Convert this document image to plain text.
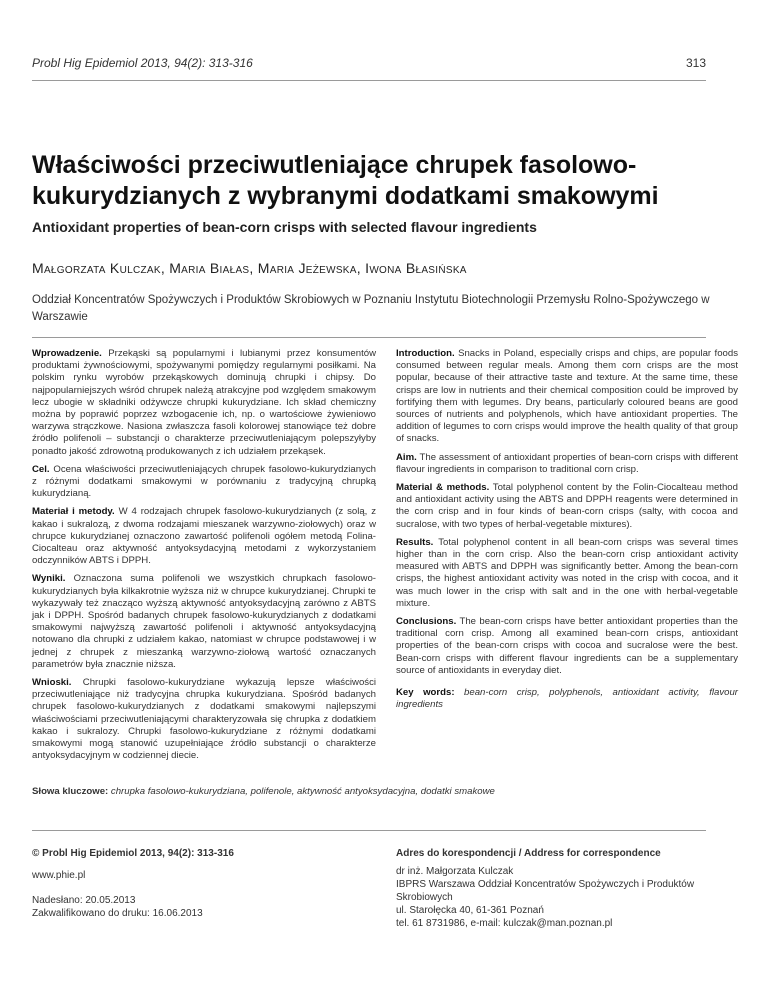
Probl Hig Epidemiol 2013, 94(2): 313-316	313
Właściwości przeciwutleniające chrupek fasolowo-kukurydzianych z wybranymi dodatkami smakowymi
Antioxidant properties of bean-corn crisps with selected flavour ingredients
Małgorzata Kulczak, Maria Białas, Maria Jeżewska, Iwona Błasińska
Oddział Koncentratów Spożywczych i Produktów Skrobiowych w Poznaniu Instytutu Biotechnologii Przemysłu Rolno-Spożywczego w Warszawie

Wprowadzenie. Przekąski są popularnymi i lubianymi przez konsumentów produktami żywnościowymi, spożywanymi pomiędzy regularnymi posiłkami. Na polskim rynku wyrobów przekąskowych dominują chrupki i chipsy. Do najpopularniejszych wśród chrupek należą atrakcyjne pod względem smakowym lecz ubogie w składniki odżywcze chrupki kukurydziane. Ich skład chemiczny można by poprawić poprzez wzbogacenie ich, np. o wartościowe żywieniowo warzywa strączkowe. Nasiona zwłaszcza fasoli kolorowej stanowiące też dobre źródło polifenoli – substancji o charakterze przeciwutleniającym polepszyłyby ponadto jakość zdrowotną produkowanych z ich udziałem przekąsek.

Cel. Ocena właściwości przeciwutleniających chrupek fasolowo-kukurydzianych z różnymi dodatkami smakowymi w porównaniu z tradycyjną chrupką kukurydzianą.

Materiał i metody. W 4 rodzajach chrupek fasolowo-kukurydzianych (z solą, z kakao i sukralozą, z dwoma rodzajami mieszanek warzywno-ziołowych) oraz w chrupce kukurydzianej oznaczono zawartość polifenoli ogółem metodą Folina-Ciocalteau oraz aktywność antyoksydacyjną metodami z wykorzystaniem odczynników ABTS i DPPH.

Wyniki. Oznaczona suma polifenoli we wszystkich chrupkach fasolowo-kukurydzianych była kilkakrotnie wyższa niż w chrupce kukurydzianej. Chrupki te wykazywały też znacząco wyższą aktywność antyoksydacyjną zarówno z ABTS jak i DPPH. Spośród badanych chrupek fasolowo-kukurydzianych z dodatkami smakowymi najwyższą zawartość polifenoli i aktywność antyoksydacyjną notowano dla chrupki z udziałem kakao, natomiast w chrupce podstawowej i w jednej z chrupek z mieszanką warzywno-ziołową wartość oznaczanych parametrów była znacznie niższa.

Wnioski. Chrupki fasolowo-kukurydziane wykazują lepsze właściwości przeciwutleniające niż tradycyjna chrupka kukurydziana. Spośród badanych chrupek fasolowo-kukurydzianych z dodatkami smakowymi najlepszymi właściwościami przeciwutleniającymi charakteryzowała się chrupka z dodatkiem kakao i sukralozy. Chrupki fasolowo-kukurydziane z różnymi dodatkami smakowymi mogą stanowić uzupełniające źródło substancji o charakterze antyoksydacyjnym w codziennej diecie.

Introduction. Snacks in Poland, especially crisps and chips, are popular foods consumed between regular meals. Among them corn crisps are the most popular, because of their attractive taste and texture. At the same time, these crisps are low in nutrients and their chemical composition could be improved by fortifying them with legumes. Dry beans, particularly coloured beans are good sources of nutrients and polyphenols, which have antioxidant properties. The addition of legumes to corn crisps would improve the health quality of that group of snacks.

Aim. The assessment of antioxidant properties of bean-corn crisps with different flavour ingredients in comparison to traditional corn crisp.

Material & methods. Total polyphenol content by the Folin-Ciocalteau method and antioxidant activity using the ABTS and DPPH reagents were determined in the corn crisp and in four kinds of bean-corn crisps (salty, with cocoa and sucralose, with two types of herbal-vegetable mixtures).

Results. Total polyphenol content in all bean-corn crisps was several times higher than in the corn crisp. Also the bean-corn crisp antioxidant activity measured with ABTS and DPPH was significantly better. Among the bean-corn crisps, the highest antioxidant activity was noted in the crisp with cocoa, and it was much lower in the crisp with salt and in the one with herbal-vegetable mixture.

Conclusions. The bean-corn crisps have better antioxidant properties than the traditional corn crisp. Among all examined bean-corn crisps, antioxidant properties of the bean-corn crisps with cocoa and sucralose were the best. Bean-corn crisps with different flavour ingredients can be a supplementary source of antioxidants in everyday diet.

Key words: bean-corn crisp, polyphenols, antioxidant activity, flavour ingredients

Słowa kluczowe: chrupka fasolowo-kukurydziana, polifenole, aktywność antyoksydacyjna, dodatki smakowe
© Probl Hig Epidemiol 2013, 94(2): 313-316
www.phie.pl
Nadesłano: 20.05.2013
Zakwalifikowano do druku: 16.06.2013
Adres do korespondencji / Address for correspondence
dr inż. Małgorzata Kulczak
IBPRS Warszawa Oddział Koncentratów Spożywczych i Produktów Skrobiowych
ul. Starołęcka 40, 61-361 Poznań
tel. 61 8731986, e-mail: kulczak@man.poznan.pl
